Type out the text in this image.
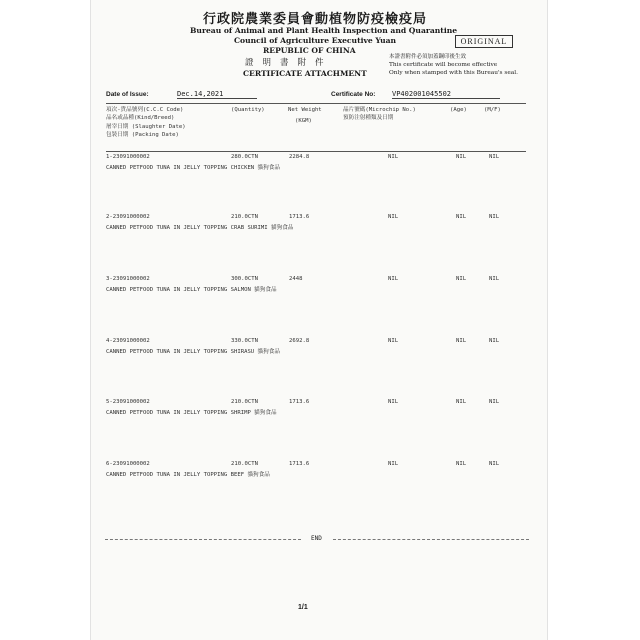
行政院農業委員會動植物防疫檢疫局
Bureau of Animal and Plant Health Inspection and Quarantine
Council of Agriculture Executive Yuan
REPUBLIC OF CHINA
證明書附件
CERTIFICATE ATTACHMENT
ORIGINAL
本證書附件必須加蓋鋼印後生效
This certificate will become effective
Only when stamped with this Bureau's seal.
Date of Issue:	Dec.14,2021	Certificate No: VP402001045502
項次-貨品號列(C.C.C Code)
品名或品種(Kind/Breed)
屠宰日期 (Slaughter Date)
包裝日期 (Packing Date)
(Quantity)	Net Weight
(KGM)
晶片號碼(Microchip No.)
預防注射種類及日期
(Age)	(M/F)
1-23091000002
CANNED PETFOOD TUNA IN JELLY TOPPING CHICKEN 貓狗食品
280.0CTN	2284.8	NIL	NIL	NIL
2-23091000002
CANNED PETFOOD TUNA IN JELLY TOPPING CRAB SURIMI 貓狗食品
210.0CTN	1713.6	NIL	NIL	NIL
3-23091000002
CANNED PETFOOD TUNA IN JELLY TOPPING SALMON 貓狗食品
300.0CTN	2448	NIL	NIL	NIL
4-23091000002
CANNED PETFOOD TUNA IN JELLY TOPPING SHIRASU 貓狗食品
330.0CTN	2692.8	NIL	NIL	NIL
5-23091000002
CANNED PETFOOD TUNA IN JELLY TOPPING SHRIMP 貓狗食品
210.0CTN	1713.6	NIL	NIL	NIL
6-23091000002
CANNED PETFOOD TUNA IN JELLY TOPPING BEEF 貓狗食品
210.0CTN	1713.6	NIL	NIL	NIL
END
1/1
